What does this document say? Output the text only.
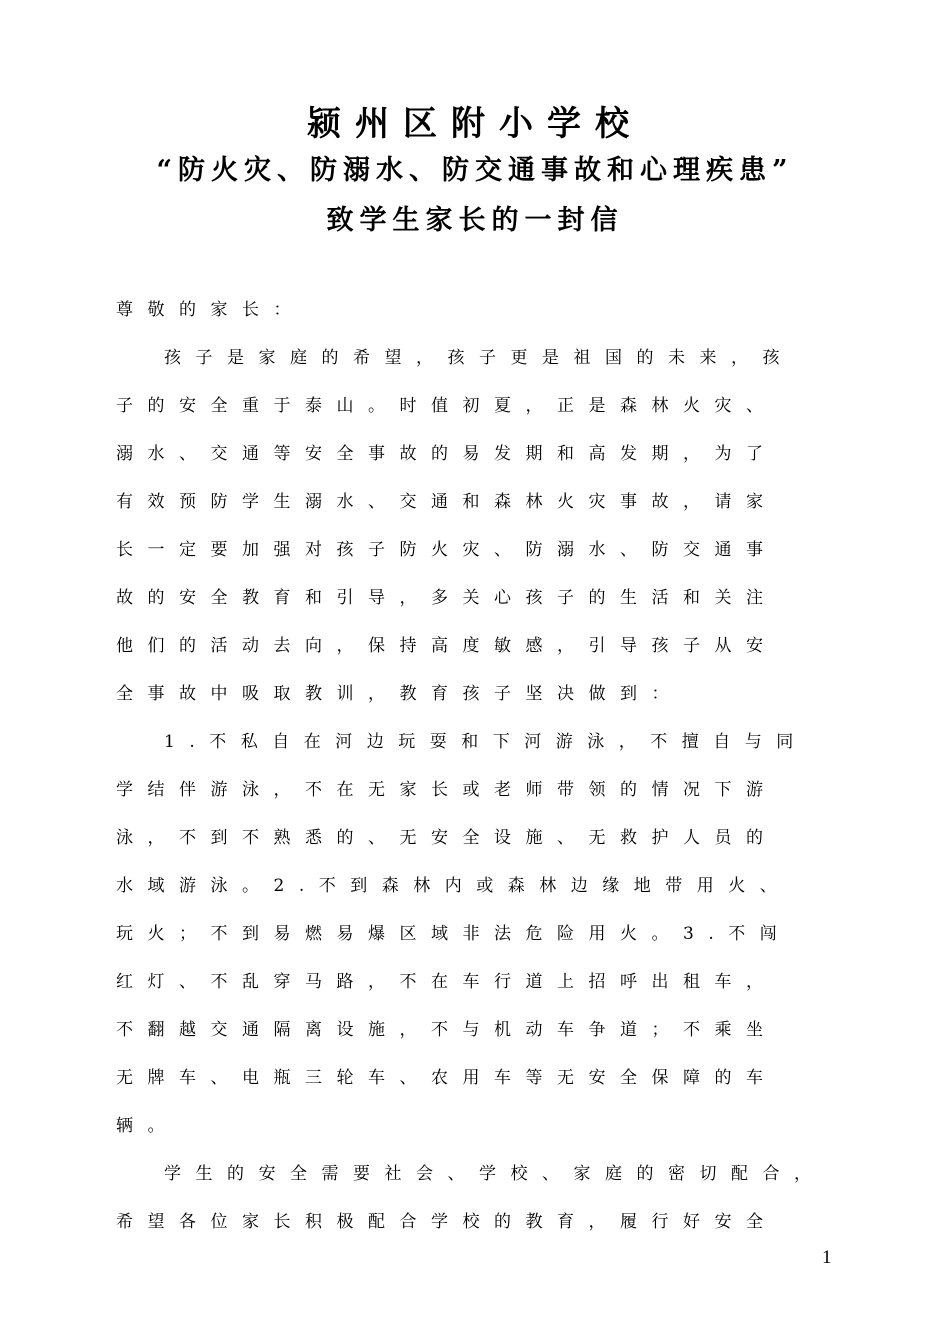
颍州区附小学校
“防火灾、防溺水、防交通事故和心理疾患”
致学生家长的一封信
尊敬的家长：
孩子是家庭的希望，孩子更是祖国的未来，孩
子的安全重于泰山。时值初夏，正是森林火灾、
溺水、交通等安全事故的易发期和高发期，为了
有效预防学生溺水、交通和森林火灾事故，请家
长一定要加强对孩子防火灾、防溺水、防交通事
故的安全教育和引导，多关心孩子的生活和关注
他们的活动去向，保持高度敏感，引导孩子从安
全事故中吸取教训，教育孩子坚决做到：
1.不私自在河边玩耍和下河游泳，不擅自与同
学结伴游泳，不在无家长或老师带领的情况下游
泳，不到不熟悉的、无安全设施、无救护人员的
水域游泳。2.不到森林内或森林边缘地带用火、
玩火；不到易燃易爆区域非法危险用火。3.不闯
红灯、不乱穿马路，不在车行道上招呼出租车，
不翻越交通隔离设施，不与机动车争道；不乘坐
无牌车、电瓶三轮车、农用车等无安全保障的车
辆。
学生的安全需要社会、学校、家庭的密切配合，
希望各位家长积极配合学校的教育，履行好安全
1
